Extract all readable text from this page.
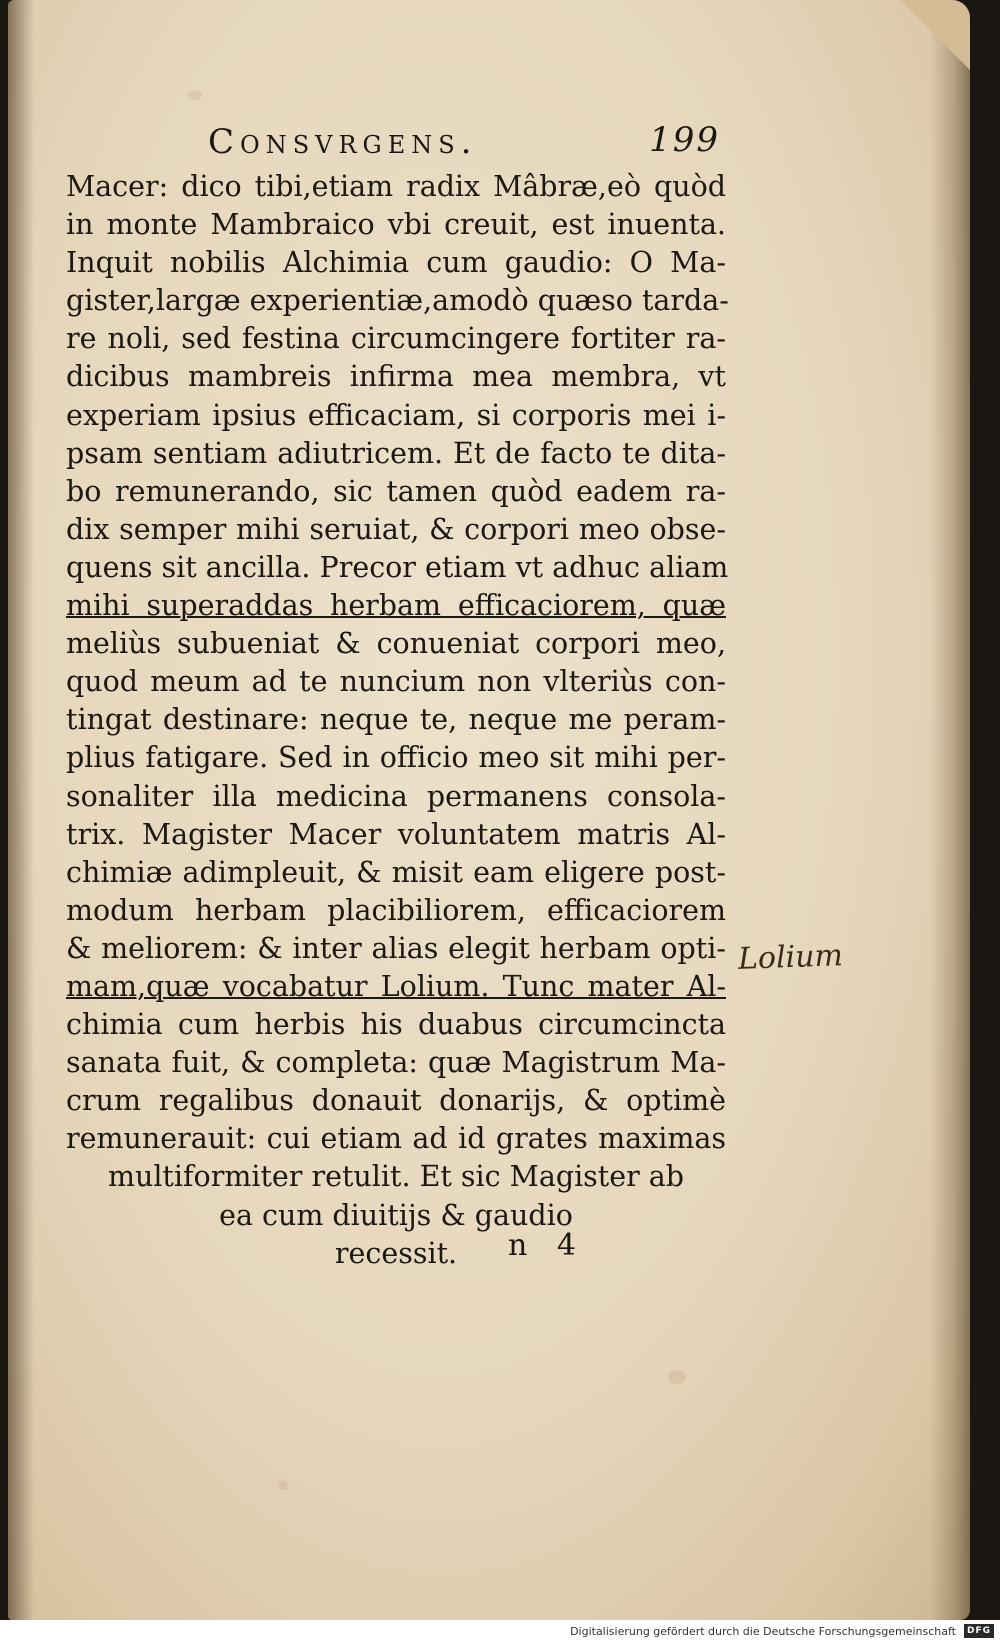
Consvrgens.	199
Macer: dico tibi,etiam radix Mâbræ,eò quòd
in monte Mambraico vbi creuit, est inuenta.
Inquit nobilis Alchimia cum gaudio: O Ma-
gister,largæ experientiæ,amodò quæso tarda-
re noli, sed festina circumcingere fortiter ra-
dicibus mambreis infirma mea membra, vt
experiam ipsius efficaciam, si corporis mei i-
psam sentiam adiutricem. Et de facto te dita-
bo remunerando, sic tamen quòd eadem ra-
dix semper mihi seruiat, & corpori meo obse-
quens sit ancilla. Precor etiam vt adhuc aliam
mihi superaddas herbam efficaciorem, quæ
meliùs subueniat & conueniat corpori meo,
quod meum ad te nuncium non vlteriùs con-
tingat destinare: neque te, neque me peram-
plius fatigare. Sed in officio meo sit mihi per-
sonaliter illa medicina permanens consola-
trix. Magister Macer voluntatem matris Al-
chimiæ adimpleuit, & misit eam eligere post-
modum herbam placibiliorem, efficaciorem
& meliorem: & inter alias elegit herbam opti-
mam,quæ vocabatur Lolium. Tunc mater Al-
chimia cum herbis his duabus circumcincta
sanata fuit, & completa: quæ Magistrum Ma-
crum regalibus donauit donarijs, & optimè
remunerauit: cui etiam ad id grates maximas
multiformiter retulit. Et sic Magister ab
ea cum diuitijs & gaudio
recessit.	n 4
Lolium
Digitalisierung gefördert durch die Deutsche Forschungsgemeinschaft	DFG
